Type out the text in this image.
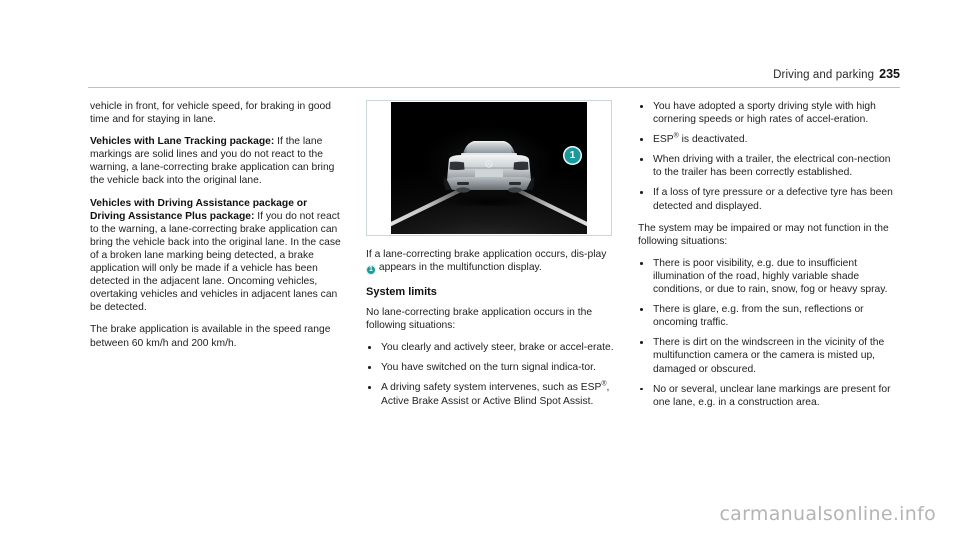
Driving and parking 235

vehicle in front, for vehicle speed, for braking in good time and for staying in lane.

Vehicles with Lane Tracking package: If the lane markings are solid lines and you do not react to the warning, a lane-correcting brake application can bring the vehicle back into the original lane.

Vehicles with Driving Assistance package or Driving Assistance Plus package: If you do not react to the warning, a lane-correcting brake application can bring the vehicle back into the original lane. In the case of a broken lane marking being detected, a brake application will only be made if a vehicle has been detected in the adjacent lane. Oncoming vehicles, overtaking vehicles and vehicles in adjacent lanes can be detected.

The brake application is available in the speed range between 60 km/h and 200 km/h.

1

If a lane-correcting brake application occurs, dis-play 1 appears in the multifunction display.

System limits

No lane-correcting brake application occurs in the following situations:

You clearly and actively steer, brake or accel-erate.
You have switched on the turn signal indica-tor.
A driving safety system intervenes, such as ESP®, Active Brake Assist or Active Blind Spot Assist.
You have adopted a sporty driving style with high cornering speeds or high rates of accel-eration.
ESP® is deactivated.
When driving with a trailer, the electrical con-nection to the trailer has been correctly established.
If a loss of tyre pressure or a defective tyre has been detected and displayed.

The system may be impaired or may not function in the following situations:

There is poor visibility, e.g. due to insufficient illumination of the road, highly variable shade conditions, or due to rain, snow, fog or heavy spray.
There is glare, e.g. from the sun, reflections or oncoming traffic.
There is dirt on the windscreen in the vicinity of the multifunction camera or the camera is misted up, damaged or obscured.
No or several, unclear lane markings are present for one lane, e.g. in a construction area.
carmanualsonline.info
